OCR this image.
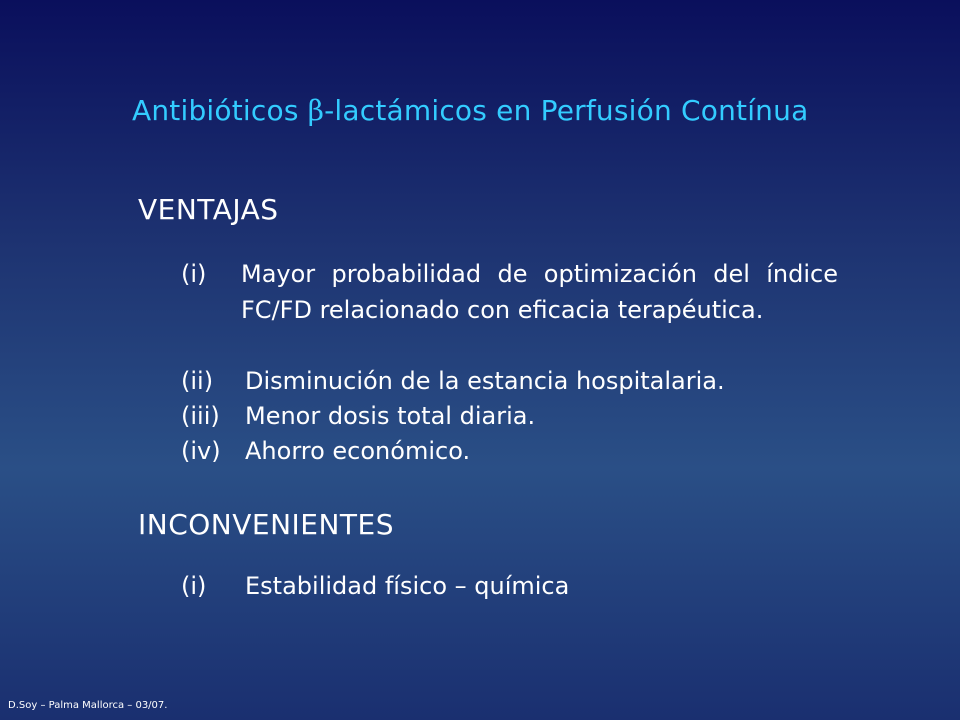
Antibióticos β-lactámicos en Perfusión Contínua
VENTAJAS
(i)	Mayor probabilidad de optimización del índice FC/FD relacionado con eficacia terapéutica.
(ii)	Disminución de la estancia hospitalaria.
(iii)	Menor dosis total diaria.
(iv)	Ahorro económico.
INCONVENIENTES
(i)	Estabilidad físico – química
D.Soy – Palma Mallorca – 03/07.
